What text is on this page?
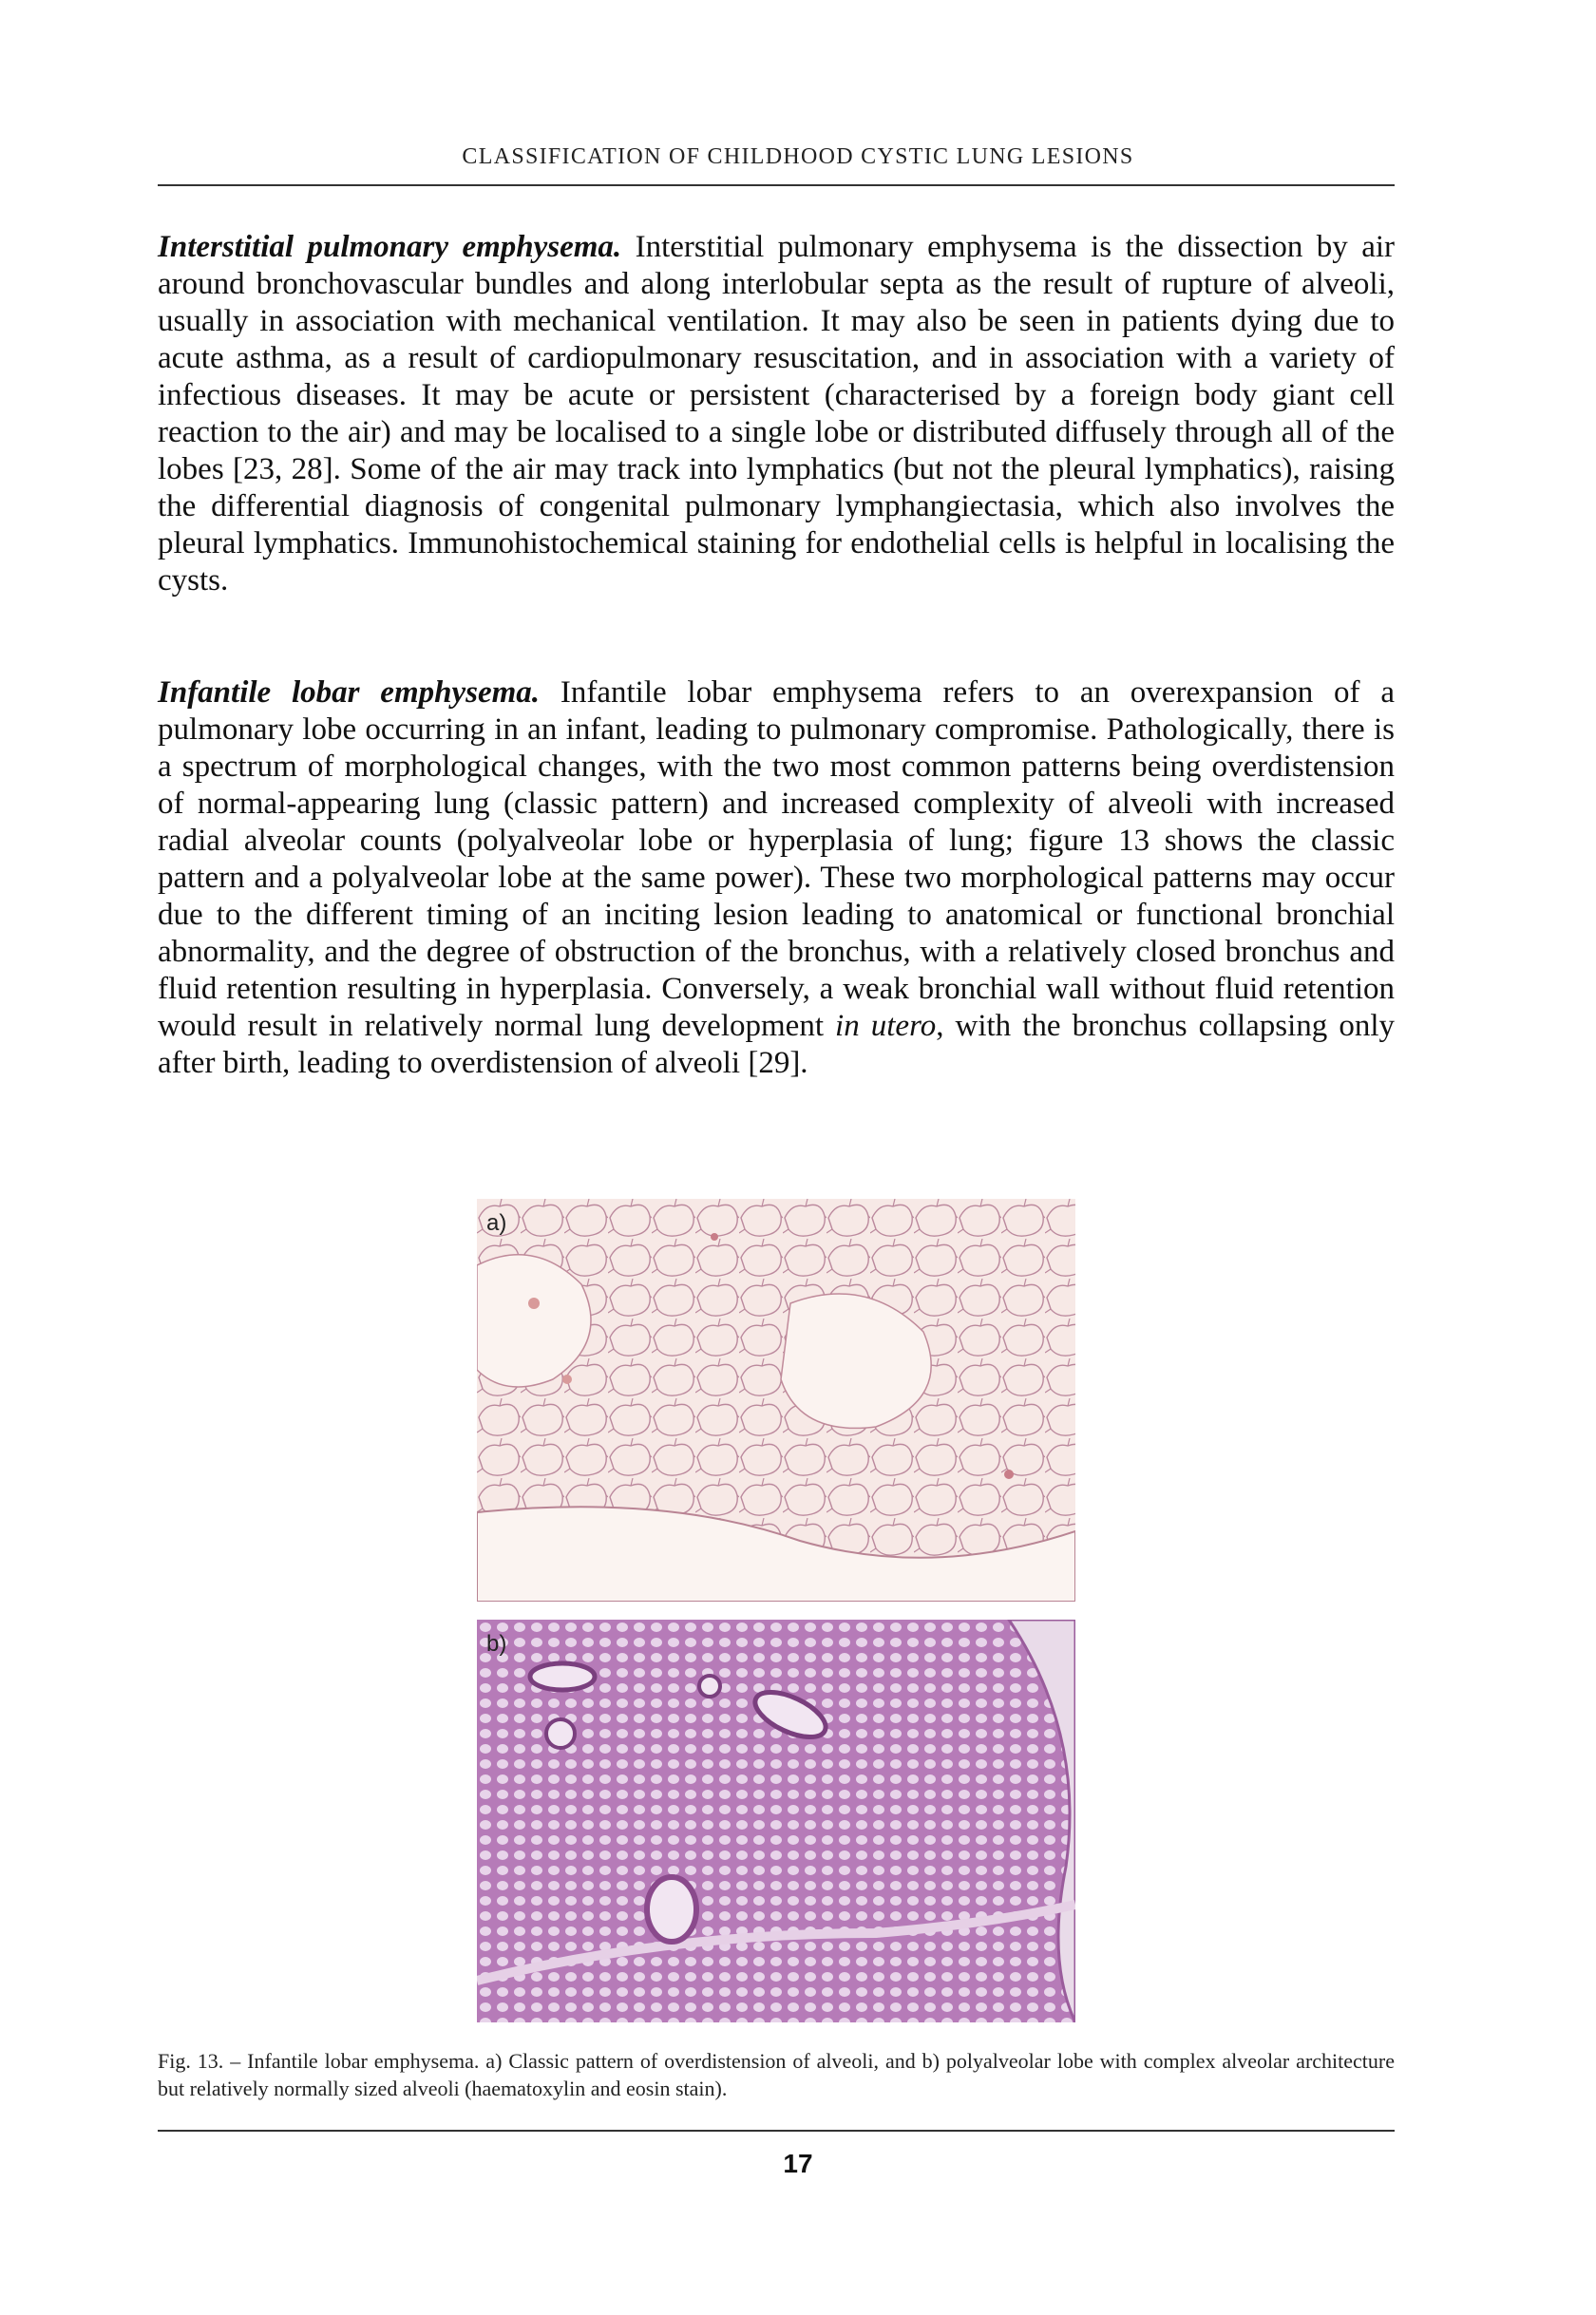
CLASSIFICATION OF CHILDHOOD CYSTIC LUNG LESIONS

Interstitial pulmonary emphysema. Interstitial pulmonary emphysema is the dissection by air around bronchovascular bundles and along interlobular septa as the result of rupture of alveoli, usually in association with mechanical ventilation. It may also be seen in patients dying due to acute asthma, as a result of cardiopulmonary resuscitation, and in association with a variety of infectious diseases. It may be acute or persistent (characterised by a foreign body giant cell reaction to the air) and may be localised to a single lobe or distributed diffusely through all of the lobes [23, 28]. Some of the air may track into lymphatics (but not the pleural lymphatics), raising the differential diagnosis of congenital pulmonary lymphangiectasia, which also involves the pleural lymphatics. Immunohistochemical staining for endothelial cells is helpful in localising the cysts.

Infantile lobar emphysema. Infantile lobar emphysema refers to an overexpansion of a pulmonary lobe occurring in an infant, leading to pulmonary compromise. Pathologically, there is a spectrum of morphological changes, with the two most common patterns being overdistension of normal-appearing lung (classic pattern) and increased complexity of alveoli with increased radial alveolar counts (polyalveolar lobe or hyperplasia of lung; figure 13 shows the classic pattern and a polyalveolar lobe at the same power). These two morphological patterns may occur due to the different timing of an inciting lesion leading to anatomical or functional bronchial abnormality, and the degree of obstruction of the bronchus, with a relatively closed bronchus and fluid retention resulting in hyperplasia. Conversely, a weak bronchial wall without fluid retention would result in relatively normal lung development in utero, with the bronchus collapsing only after birth, leading to overdistension of alveoli [29].

a)
b)

Fig. 13. – Infantile lobar emphysema. a) Classic pattern of overdistension of alveoli, and b) polyalveolar lobe with complex alveolar architecture but relatively normally sized alveoli (haematoxylin and eosin stain).

17
